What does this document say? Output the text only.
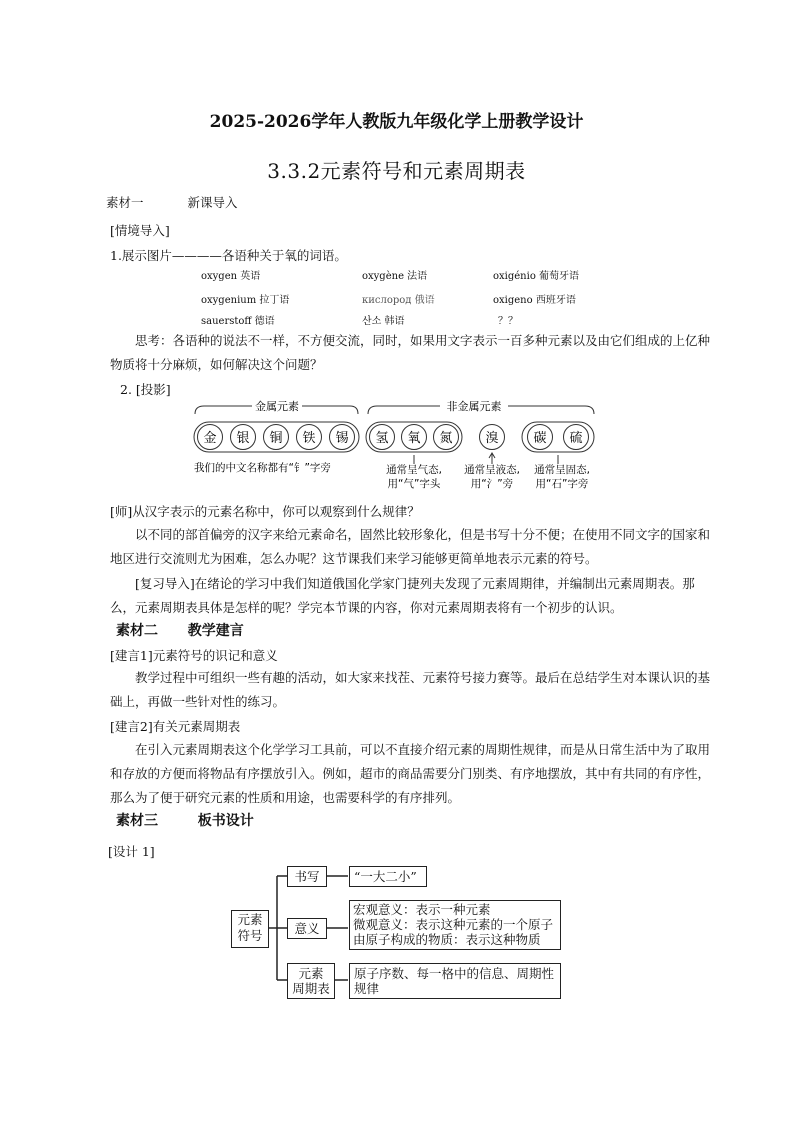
2025-2026学年人教版九年级化学上册教学设计
3.3.2元素符号和元素周期表
素材一	新课导入
[情境导入]
1.展示图片————各语种关于氧的词语。
oxygen 英语	oxygène 法语	oxigénio 葡萄牙语
oxygenium 拉丁语	кислород 俄语	oxigeno 西班牙语
sauerstoff 德语	산소 韩语	？？
思考：各语种的说法不一样，不方便交流，同时，如果用文字表示一百多种元素以及由它们组成的上亿种物质将十分麻烦，如何解决这个问题？
2. [投影]
金属元素	非金属元素
金 银 铜 铁 锡 氢 氧 氮	溴	碳 硫
我们的中文名称都有“钅”字旁	通常呈气态,
用“气”字头
通常呈液态,
用“氵”旁
通常呈固态,
用“石”字旁
[师]从汉字表示的元素名称中，你可以观察到什么规律？
以不同的部首偏旁的汉字来给元素命名，固然比较形象化，但是书写十分不便；在使用不同文字的国家和地区进行交流则尤为困难，怎么办呢？这节课我们来学习能够更简单地表示元素的符号。
[复习导入]在绪论的学习中我们知道俄国化学家门捷列夫发现了元素周期律，并编制出元素周期表。那么，元素周期表具体是怎样的呢？学完本节课的内容，你对元素周期表将有一个初步的认识。
素材二 教学建言
[建言1]元素符号的识记和意义
教学过程中可组织一些有趣的活动，如大家来找茬、元素符号接力赛等。最后在总结学生对本课认识的基础上，再做一些针对性的练习。
[建言2]有关元素周期表
在引入元素周期表这个化学学习工具前，可以不直接介绍元素的周期性规律，而是从日常生活中为了取用和存放的方便而将物品有序摆放引入。例如，超市的商品需要分门别类、有序地摆放，其中有共同的有序性，那么为了便于研究元素的性质和用途，也需要科学的有序排列。
素材三	板书设计
[设计 1]
元素
符号
书写	“一大二小”
意义
宏观意义：表示一种元素
微观意义：表示这种元素的一个原子
由原子构成的物质：表示这种物质
元素
周期表
原子序数、每一格中的信息、周期性
规律
